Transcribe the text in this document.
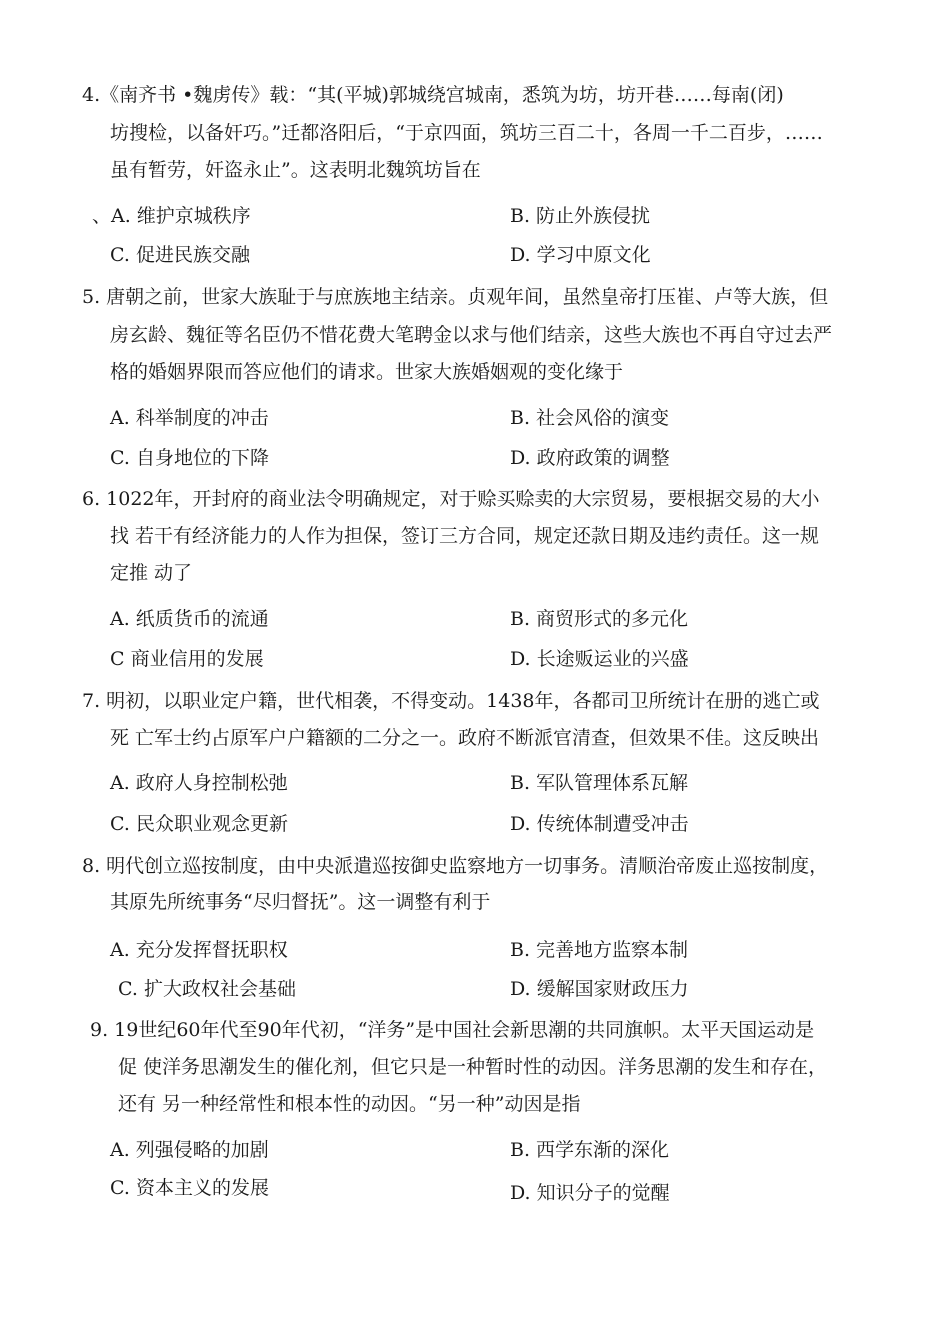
4.《南齐书 •魏虏传》载：“其(平城)郭城绕宫城南，悉筑为坊，坊开巷……每南(闭)
坊搜检，以备奸巧。”迁都洛阳后，“于京四面，筑坊三百二十，各周一千二百步，……
虽有暂劳，奸盗永止”。这表明北魏筑坊旨在
、A. 维护京城秩序	B. 防止外族侵扰
C. 促进民族交融	D. 学习中原文化
5. 唐朝之前，世家大族耻于与庶族地主结亲。贞观年间，虽然皇帝打压崔、卢等大族，但
房玄龄、魏征等名臣仍不惜花费大笔聘金以求与他们结亲，这些大族也不再自守过去严
格的婚姻界限而答应他们的请求。世家大族婚姻观的变化缘于
A. 科举制度的冲击	B. 社会风俗的演变
C. 自身地位的下降	D. 政府政策的调整
6. 1022年，开封府的商业法令明确规定，对于赊买赊卖的大宗贸易，要根据交易的大小
找 若干有经济能力的人作为担保，签订三方合同，规定还款日期及违约责任。这一规
定推 动了
A. 纸质货币的流通	B. 商贸形式的多元化
C 商业信用的发展	D. 长途贩运业的兴盛
7. 明初，以职业定户籍，世代相袭，不得变动。1438年，各都司卫所统计在册的逃亡或
死 亡军士约占原军户户籍额的二分之一。政府不断派官清查，但效果不佳。这反映出
A. 政府人身控制松弛	B. 军队管理体系瓦解
C. 民众职业观念更新	D. 传统体制遭受冲击
8. 明代创立巡按制度，由中央派遣巡按御史监察地方一切事务。清顺治帝废止巡按制度，
其原先所统事务“尽归督抚”。这一调整有利于
A. 充分发挥督抚职权	B. 完善地方监察本制
C. 扩大政权社会基础	D. 缓解国家财政压力
9. 19世纪60年代至90年代初，“洋务”是中国社会新思潮的共同旗帜。太平天国运动是
促 使洋务思潮发生的催化剂，但它只是一种暂时性的动因。洋务思潮的发生和存在，
还有 另一种经常性和根本性的动因。“另一种”动因是指
A. 列强侵略的加剧	B. 西学东渐的深化
C. 资本主义的发展	D. 知识分子的觉醒
